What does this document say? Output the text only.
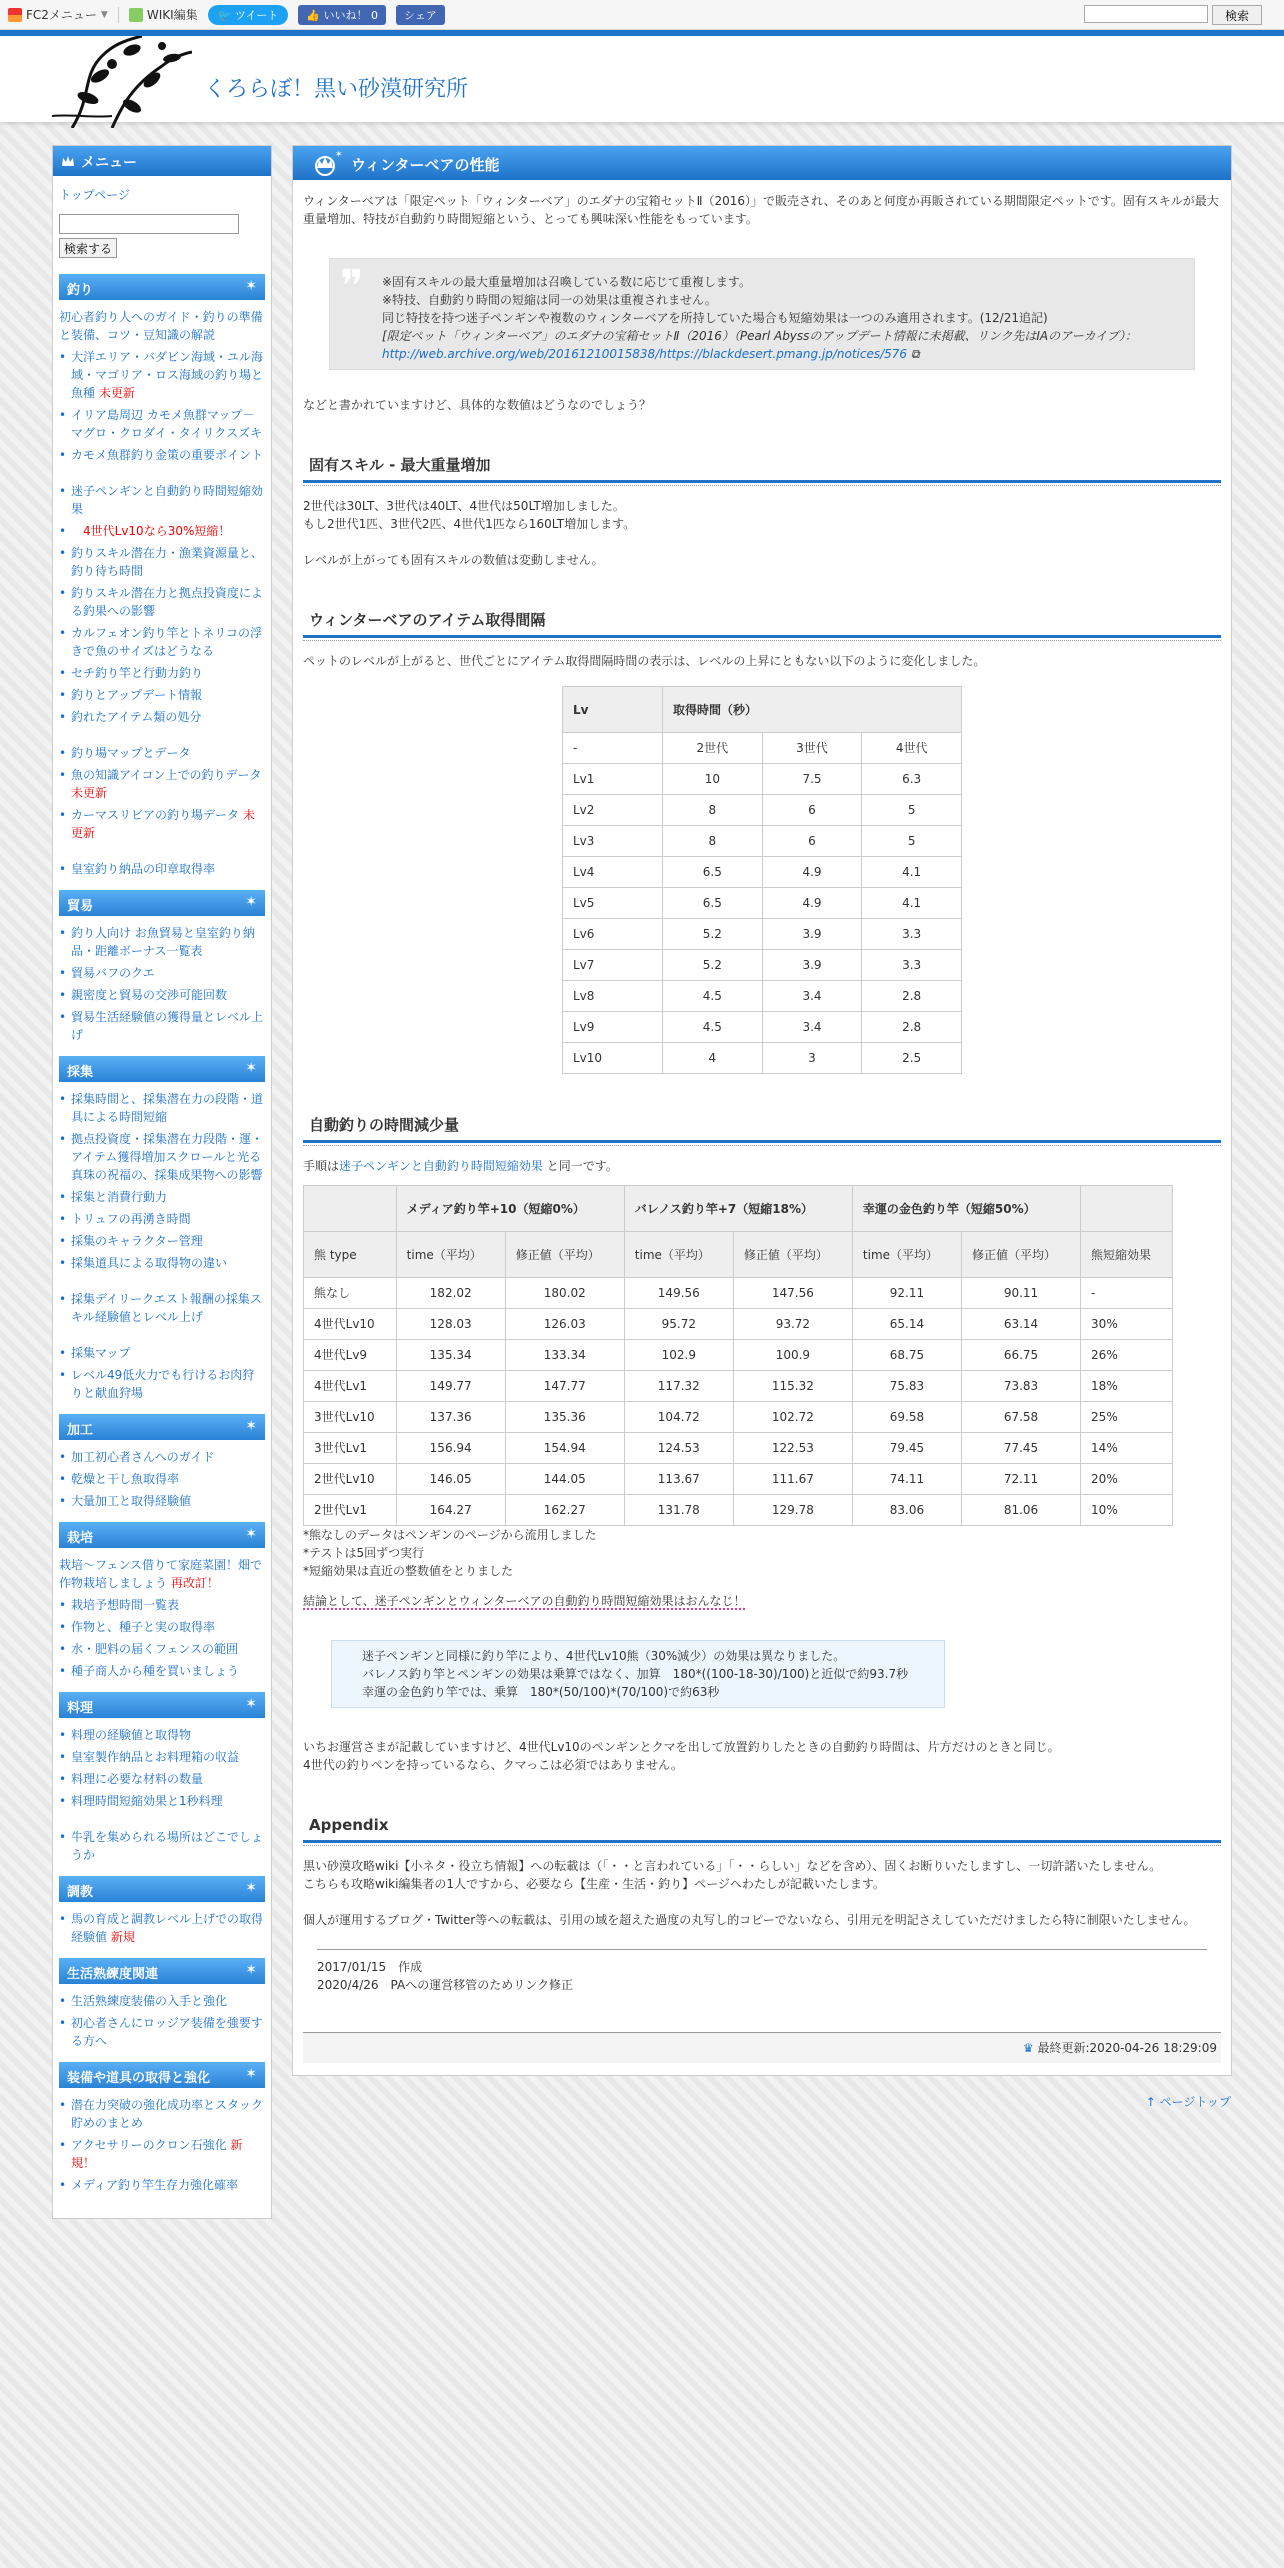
FC2メニュー ▼	WIKI編集	🐦 ツイート	👍 いいね！ 0	シェア	検索
くろらぼ！黒い砂漠研究所
メニュー
トップページ

検索する
釣り	✶
初心者釣り人へのガイド・釣りの準備と装備、コツ・豆知識の解説
• 大洋エリア・バダビン海域・ユル海域・マゴリア・ロス海域の釣り場と魚種 未更新
• イリア島周辺 カモメ魚群マップ－マグロ・クロダイ・タイリクスズキ
• カモメ魚群釣り金策の重要ポイント
• 迷子ペンギンと自動釣り時間短縮効果
• 4世代Lv10なら30%短縮！
• 釣りスキル潜在力・漁業資源量と、釣り待ち時間
• 釣りスキル潜在力と拠点投資度による釣果への影響
• カルフェオン釣り竿とトネリコの浮きで魚のサイズはどうなる
• セチ釣り竿と行動力釣り
• 釣りとアップデート情報
• 釣れたアイテム類の処分
• 釣り場マップとデータ
• 魚の知識アイコン上での釣りデータ 未更新
• カーマスリビアの釣り場データ 未更新
• 皇室釣り納品の印章取得率
貿易	✶
• 釣り人向け お魚貿易と皇室釣り納品・距離ボーナス一覧表
• 貿易バフのクエ
• 親密度と貿易の交渉可能回数
• 貿易生活経験値の獲得量とレベル上げ
採集	✶
• 採集時間と、採集潜在力の段階・道具による時間短縮
• 拠点投資度・採集潜在力段階・運・アイテム獲得増加スクロールと光る真珠の祝福の、採集成果物への影響
• 採集と消費行動力
• トリュフの再湧き時間
• 採集のキャラクター管理
• 採集道具による取得物の違い
• 採集デイリークエスト報酬の採集スキル経験値とレベル上げ
• 採集マップ
• レベル49低火力でも行けるお肉狩りと献血狩場
加工	✶
• 加工初心者さんへのガイド
• 乾燥と干し魚取得率
• 大量加工と取得経験値
栽培	✶
栽培～フェンス借りて家庭菜園！畑で作物栽培しましょう 再改訂！
• 栽培予想時間一覧表
• 作物と、種子と実の取得率
• 水・肥料の届くフェンスの範囲
• 種子商人から種を買いましょう
料理	✶
• 料理の経験値と取得物
• 皇室製作納品とお料理箱の収益
• 料理に必要な材料の数量
• 料理時間短縮効果と1秒料理
• 牛乳を集められる場所はどこでしょうか
調教	✶
• 馬の育成と調教レベル上げでの取得経験値 新規
生活熟練度関連	✶
• 生活熟練度装備の入手と強化
• 初心者さんにロッジア装備を強要する方へ
装備や道具の取得と強化	✶
• 潜在力突破の強化成功率とスタック貯めのまとめ
• アクセサリーのクロン石強化 新規！
• メディア釣り竿生存力強化確率
✶
ウィンターベアの性能

ウィンターベアは「限定ペット「ウィンターベア」のエダナの宝箱セットⅡ（2016）」で販売され、そのあと何度か再販されている期間限定ペットです。固有スキルが最大重量増加、特技が自動釣り時間短縮という、とっても興味深い性能をもっています。

❞ ※固有スキルの最大重量増加は召喚している数に応じて重複します。
※特技、自動釣り時間の短縮は同一の効果は重複されません。
同じ特技を持つ迷子ペンギンや複数のウィンターベアを所持していた場合も短縮効果は一つのみ適用されます。(12/21追記)
[限定ペット「ウィンターベア」のエダナの宝箱セットⅡ（2016）（Pearl Abyssのアップデート情報に未掲載、リンク先はIAのアーカイブ）：http://web.archive.org/web/20161210015838/https://blackdesert.pmang.jp/notices/576 ⧉

などと書かれていますけど、具体的な数値はどうなのでしょう？

固有スキル - 最大重量増加

2世代は30LT、3世代は40LT、4世代は50LT増加しました。

もし2世代1匹、3世代2匹、4世代1匹なら160LT増加します。

レベルが上がっても固有スキルの数値は変動しません。

ウィンターベアのアイテム取得間隔

ペットのレベルが上がると、世代ごとにアイテム取得間隔時間の表示は、レベルの上昇にともない以下のように変化しました。

Lv	取得時間（秒）		
-	2世代	3世代	4世代
Lv1	10	7.5	6.3
Lv2	8	6	5
Lv3	8	6	5
Lv4	6.5	4.9	4.1
Lv5	6.5	4.9	4.1
Lv6	5.2	3.9	3.3
Lv7	5.2	3.9	3.3
Lv8	4.5	3.4	2.8
Lv9	4.5	3.4	2.8
Lv10	4	3	2.5
自動釣りの時間減少量

手順は迷子ペンギンと自動釣り時間短縮効果 と同一です。

	メディア釣り竿+10（短縮0%）		バレノス釣り竿+7（短縮18%）		幸運の金色釣り竿（短縮50%）		
熊 type	time（平均）	修正値（平均）	time（平均）	修正値（平均）	time（平均）	修正値（平均）	熊短縮効果
熊なし	182.02	180.02	149.56	147.56	92.11	90.11	-
4世代Lv10	128.03	126.03	95.72	93.72	65.14	63.14	30%
4世代Lv9	135.34	133.34	102.9	100.9	68.75	66.75	26%
4世代Lv1	149.77	147.77	117.32	115.32	75.83	73.83	18%
3世代Lv10	137.36	135.36	104.72	102.72	69.58	67.58	25%
3世代Lv1	156.94	154.94	124.53	122.53	79.45	77.45	14%
2世代Lv10	146.05	144.05	113.67	111.67	74.11	72.11	20%
2世代Lv1	164.27	162.27	131.78	129.78	83.06	81.06	10%

*熊なしのデータはペンギンのページから流用しました

*テストは5回ずつ実行

*短縮効果は直近の整数値をとりました

結論として、迷子ペンギンとウィンターベアの自動釣り時間短縮効果はおんなじ！

迷子ペンギンと同様に釣り竿により、4世代Lv10熊（30%減少）の効果は異なりました。

バレノス釣り竿とペンギンの効果は乗算ではなく、加算　180*((100-18-30)/100)と近似で約93.7秒

幸運の金色釣り竿では、乗算　180*(50/100)*(70/100)で約63秒

いちお運営さまが記載していますけど、4世代Lv10のペンギンとクマを出して放置釣りしたときの自動釣り時間は、片方だけのときと同じ。

4世代の釣りペンを持っているなら、クマっこは必須ではありません。

Appendix

黒い砂漠攻略wiki【小ネタ・役立ち情報】への転載は（「・・と言われている」「・・らしい」などを含め）、固くお断りいたしますし、一切許諾いたしません。

こちらも攻略wiki編集者の1人ですから、必要なら【生産・生活・釣り】ページへわたしが記載いたします。

個人が運用するブログ・Twitter等への転載は、引用の域を超えた過度の丸写し的コピーでないなら、引用元を明記さえしていただけましたら特に制限いたしません。

2017/01/15　作成

2020/4/26　PAへの運営移管のためリンク修正

♛ 最終更新:2020-04-26 18:29:09
↑ ページトップ
